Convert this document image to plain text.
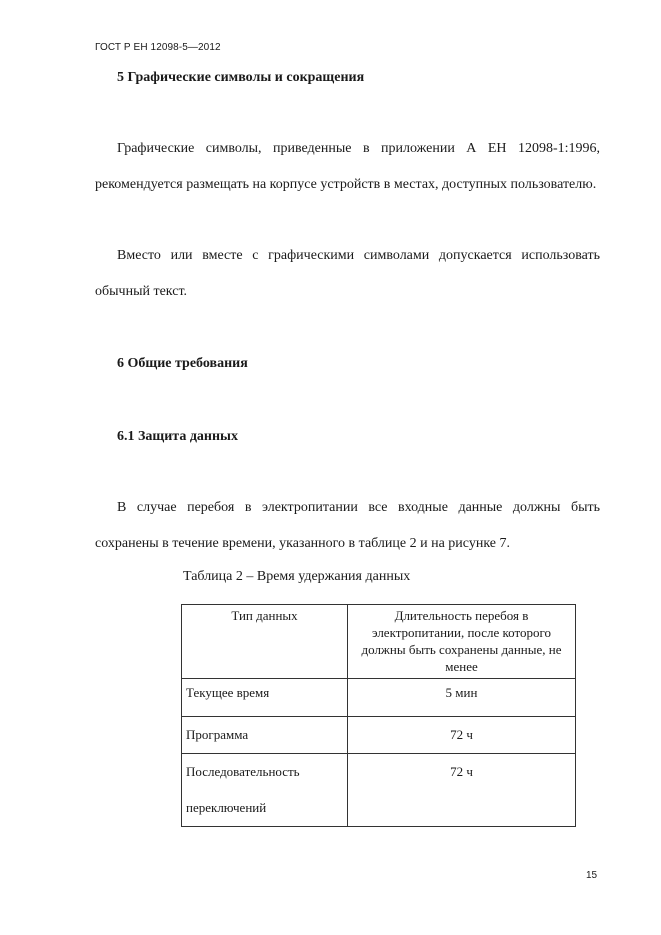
ГОСТ Р ЕН 12098-5—2012
5 Графические символы и сокращения
Графические символы, приведенные в приложении А ЕН 12098-1:1996, рекомендуется размещать на корпусе устройств в местах, доступных пользователю.
Вместо или вместе с графическими символами допускается использовать обычный текст.
6 Общие требования
6.1 Защита данных
В случае перебоя в электропитании все входные данные должны быть сохранены в течение времени, указанного в таблице 2 и на рисунке 7.
Таблица 2 – Время удержания данных
Тип данных	Длительность перебоя в электропитании, после которого должны быть сохранены данные, не менее
Текущее время	5 мин
Программа	72 ч
Последовательность переключений	72 ч
15
